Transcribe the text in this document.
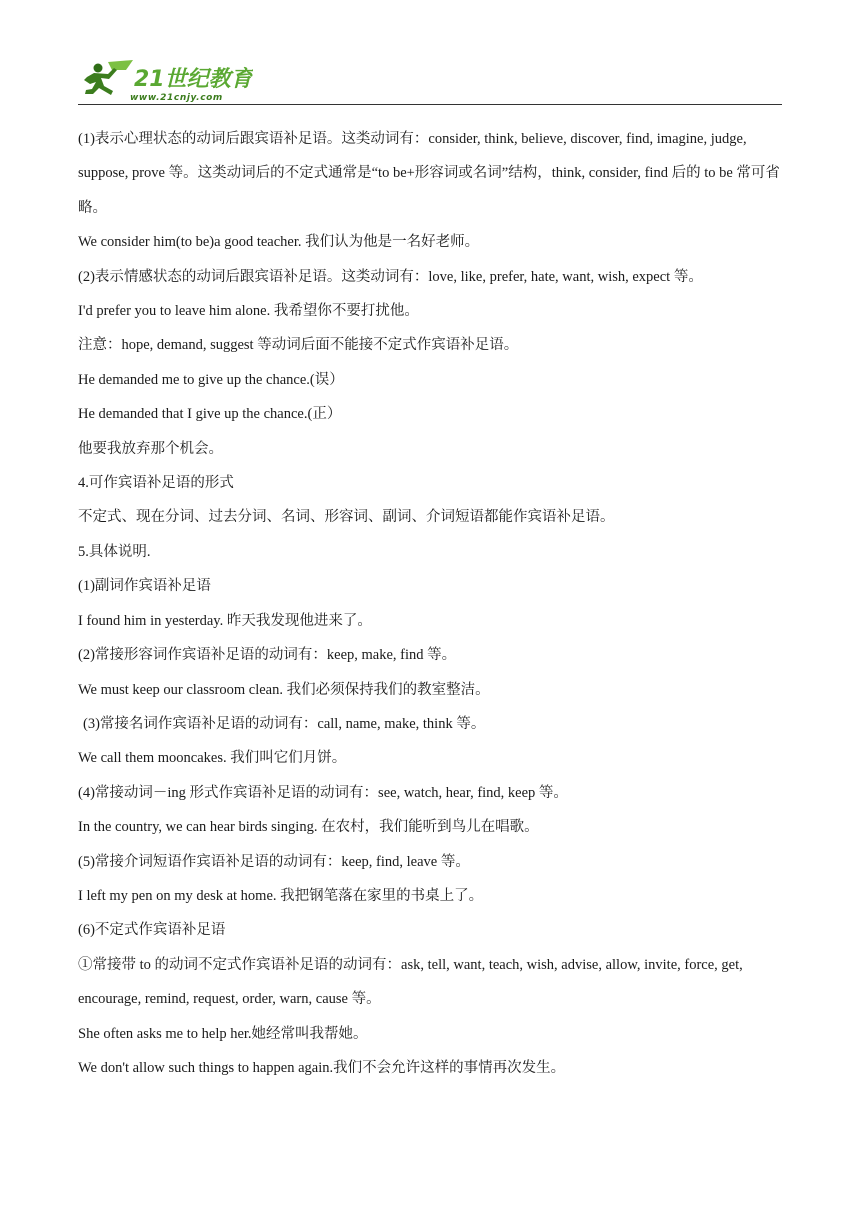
21世纪教育
www.21cnjy.com

(1)表示心理状态的动词后跟宾语补足语。这类动词有：consider, think, believe, discover, find, imagine, judge, suppose, prove 等。这类动词后的不定式通常是“to be+形容词或名词”结构，think, consider, find 后的 to be 常可省略。

We consider him(to be)a good teacher. 我们认为他是一名好老师。

(2)表示情感状态的动词后跟宾语补足语。这类动词有：love, like, prefer, hate, want, wish, expect 等。

I'd prefer you to leave him alone. 我希望你不要打扰他。

注意：hope, demand, suggest 等动词后面不能接不定式作宾语补足语。

He demanded me to give up the chance.(误）

He demanded that I give up the chance.(正）

他要我放弃那个机会。

4.可作宾语补足语的形式

不定式、现在分词、过去分词、名词、形容词、副词、介词短语都能作宾语补足语。

5.具体说明.

(1)副词作宾语补足语

I found him in yesterday. 昨天我发现他进来了。

(2)常接形容词作宾语补足语的动词有：keep, make, find 等。

We must keep our classroom clean. 我们必须保持我们的教室整洁。

(3)常接名词作宾语补足语的动词有：call, name, make, think 等。

We call them mooncakes. 我们叫它们月饼。

(4)常接动词－ing 形式作宾语补足语的动词有：see, watch, hear, find, keep 等。

In the country, we can hear birds singing. 在农村，我们能听到鸟儿在唱歌。

(5)常接介词短语作宾语补足语的动词有：keep, find, leave 等。

I left my pen on my desk at home. 我把钢笔落在家里的书桌上了。

(6)不定式作宾语补足语

①常接带 to 的动词不定式作宾语补足语的动词有：ask, tell, want, teach, wish, advise, allow, invite, force, get, encourage, remind, request, order, warn, cause 等。

She often asks me to help her.她经常叫我帮她。

We don't allow such things to happen again.我们不会允许这样的事情再次发生。
